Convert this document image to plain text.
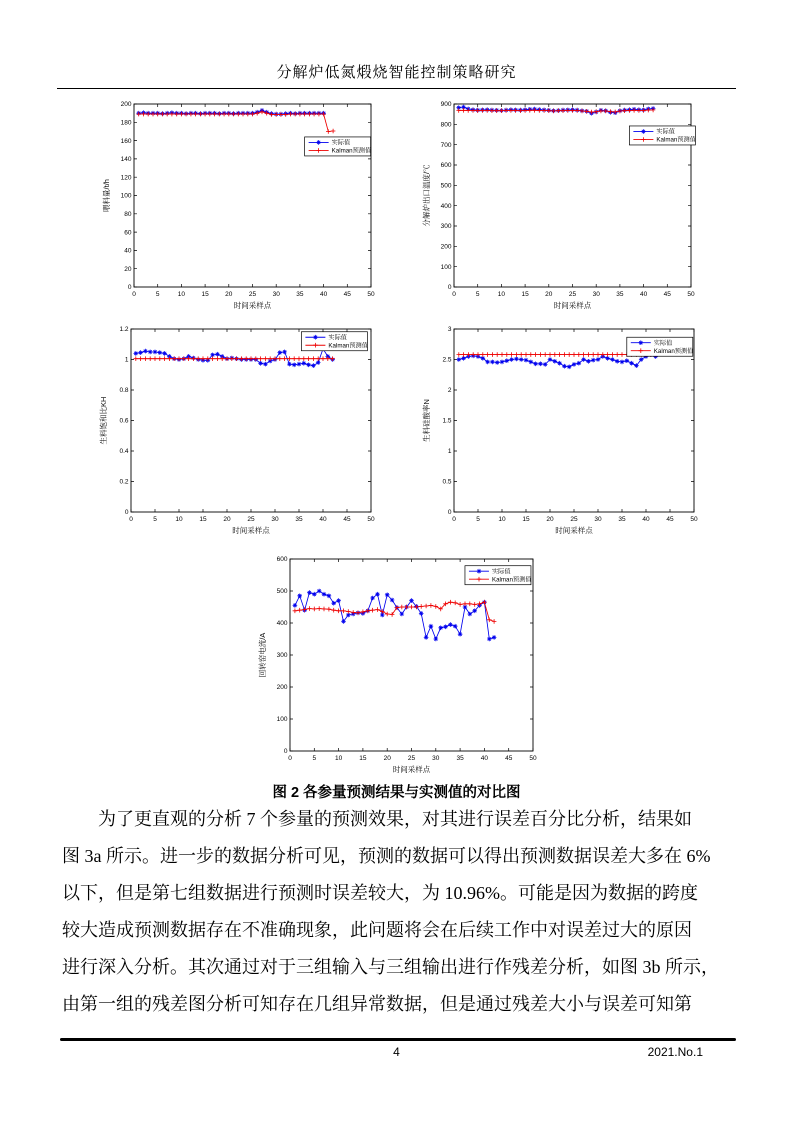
分解炉低氮煅烧智能控制策略研究
0	5	10	15	20	25	30	35	40	45	50
0
20
40
60
80
100
120
140
160
180
200
时间采样点
喂料量/t/h
实际值
Kalman预测值
0	5	10	15	20	25	30	35	40	45	50
0
100
200
300
400
500
600
700
800
900
时间采样点
分解炉出口温度/℃
实际值
Kalman预测值
0	5	10	15	20	25	30	35	40	45	50
0
0.2
0.4
0.6
0.8
1
1.2
时间采样点
生料饱和比KH
实际值
Kalman预测值
0	5	10	15	20	25	30	35	40	45	50
0
0.5
1
1.5
2
2.5
3
时间采样点
生料硅酸率N
实际值
Kalman预测值
0	5	10	15	20	25	30	35	40	45	50
0
100
200
300
400
500
600
时间采样点
回转窑电流/A
实际值
Kalman预测值
图 2 各参量预测结果与实测值的对比图
为了更直观的分析 7 个参量的预测效果，对其进行误差百分比分析，结果如
图 3a 所示。进一步的数据分析可见，预测的数据可以得出预测数据误差大多在 6%
以下，但是第七组数据进行预测时误差较大，为 10.96%。可能是因为数据的跨度
较大造成预测数据存在不准确现象，此问题将会在后续工作中对误差过大的原因
进行深入分析。其次通过对于三组输入与三组输出进行作残差分析，如图 3b 所示，
由第一组的残差图分析可知存在几组异常数据，但是通过残差大小与误差可知第
4	2021.No.1
